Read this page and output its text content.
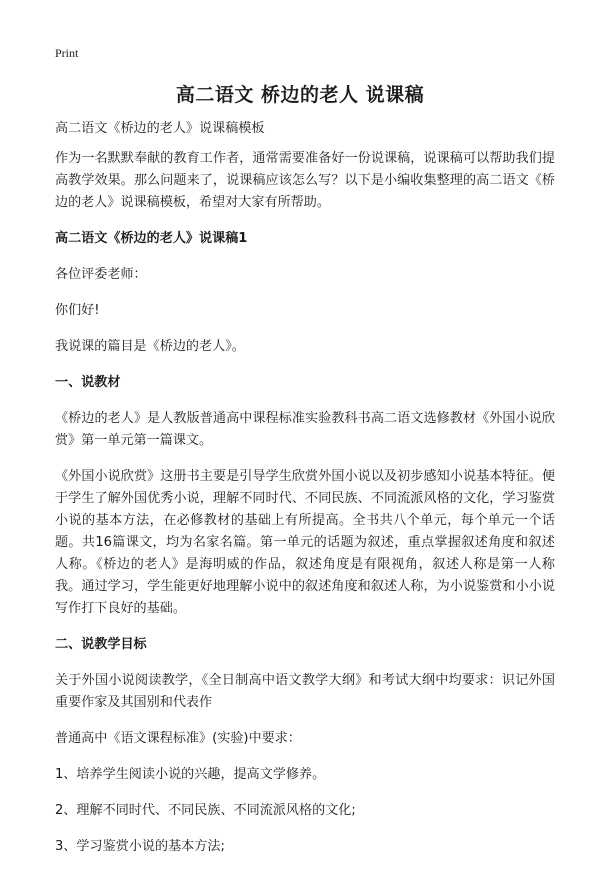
Print
高二语文 桥边的老人 说课稿

高二语文《桥边的老人》说课稿模板

作为一名默默奉献的教育工作者，通常需要准备好一份说课稿，说课稿可以帮助我们提高教学效果。那么问题来了，说课稿应该怎么写？以下是小编收集整理的高二语文《桥边的老人》说课稿模板，希望对大家有所帮助。

高二语文《桥边的老人》说课稿1

各位评委老师：

你们好!

我说课的篇目是《桥边的老人》。

一、说教材

《桥边的老人》是人教版普通高中课程标准实验教科书高二语文选修教材《外国小说欣赏》第一单元第一篇课文。

《外国小说欣赏》这册书主要是引导学生欣赏外国小说以及初步感知小说基本特征。便于学生了解外国优秀小说，理解不同时代、不同民族、不同流派风格的文化，学习鉴赏小说的基本方法，在必修教材的基础上有所提高。全书共八个单元，每个单元一个话题。共16篇课文，均为名家名篇。第一单元的话题为叙述，重点掌握叙述角度和叙述人称。《桥边的老人》是海明威的作品，叙述角度是有限视角，叙述人称是第一人称我。通过学习，学生能更好地理解小说中的叙述角度和叙述人称，为小说鉴赏和小小说写作打下良好的基础。

二、说教学目标

关于外国小说阅读教学，《全日制高中语文教学大纲》和考试大纲中均要求：识记外国重要作家及其国别和代表作

普通高中《语文课程标准》(实验)中要求：

1、培养学生阅读小说的兴趣，提高文学修养。

2、理解不同时代、不同民族、不同流派风格的文化;

3、学习鉴赏小说的基本方法;
